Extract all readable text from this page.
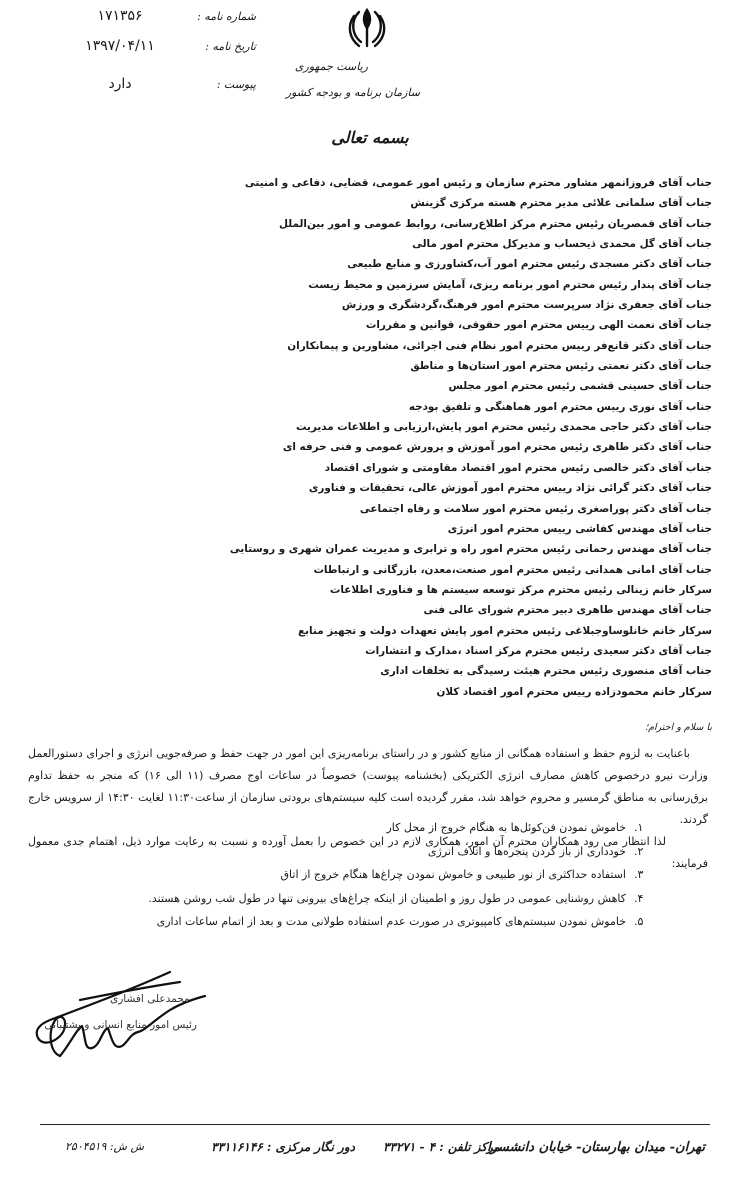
ریاست جمهوری
سازمان برنامه و بودجه کشور
شماره نامه :
۱۷۱۳۵۶
تاریخ نامه :
۱۳۹۷/۰۴/۱۱
پیوست :
دارد
بسمه تعالی
جناب آقای فروزانمهر مشاور محترم سازمان و رئیس امور عمومی، قضایی، دفاعی و امنیتی
جناب آقای سلمانی علائی مدیر محترم هسته مرکزی گزینش
جناب آقای قمصریان رئیس محترم مرکز اطلاع‌رسانی، روابط عمومی و امور بین‌الملل
جناب آقای گل محمدی ذیحساب و مدیرکل محترم امور مالی
جناب آقای دکتر مسجدی رئیس محترم امور آب،کشاورزی و منابع طبیعی
جناب آقای پندار رئیس محترم امور برنامه ریزی، آمایش سرزمین و محیط زیست
جناب آقای جعفری نژاد سرپرست محترم امور فرهنگ،گردشگری و ورزش
جناب آقای نعمت الهی رییس محترم امور حقوقی، قوانین و مقررات
جناب آقای دکتر قانع‌فر رییس محترم امور نظام فنی اجرائی، مشاورین و پیمانکاران
جناب آقای دکتر نعمتی رئیس محترم امور استان‌ها و مناطق
جناب آقای حسینی قشمی رئیس محترم امور مجلس
جناب آقای نوری رییس محترم امور هماهنگی و تلفیق بودجه
جناب آقای دکتر حاجی محمدی رئیس محترم امور پایش،ارزیابی و اطلاعات مدیریت
جناب آقای دکتر طاهری رئیس محترم امور آموزش و پرورش عمومی و فنی حرفه ای
جناب آقای دکتر خالصی رئیس محترم امور اقتصاد مقاومتی و شورای اقتصاد
جناب آقای دکتر گرائی نژاد رییس محترم امور آموزش عالی، تحقیقات و فناوری
جناب آقای دکتر پوراصغری رئیس محترم امور سلامت و رفاه اجتماعی
جناب آقای مهندس کفاشی رییس محترم امور انرژی
جناب آقای مهندس رحمانی رئیس محترم امور راه و ترابری و مدیریت عمران شهری و روستایی
جناب آقای امانی همدانی رئیس محترم امور صنعت،معدن، بازرگانی و ارتباطات
سرکار خانم زینالی رئیس محترم مرکز توسعه سیستم ها و فناوری اطلاعات
جناب آقای مهندس طاهری دبیر محترم شورای عالی فنی
سرکار خانم خانلوساوجبلاغی رئیس محترم امور پایش تعهدات دولت و تجهیز منابع
جناب آقای دکتر سعیدی رئیس محترم مرکز اسناد ،مدارک و انتشارات
جناب آقای منصوری رئیس محترم هیئت رسیدگی به تخلفات اداری
سرکار خانم محمودزاده رییس محترم امور اقتصاد کلان
با سلام و احترام؛

باعنایت به لزوم حفظ و استفاده همگانی از منابع کشور و در راستای برنامه‌ریزی این امور در جهت حفظ و صرفه‌جویی انرژی و اجرای دستورالعمل وزارت نیرو درخصوص کاهش مصارف انرژی الکتریکی (بخشنامه پیوست) خصوصاً در ساعات اوج مصرف (۱۱ الی ۱۶) که منجر به حفظ تداوم برق‌رسانی به مناطق گرمسیر و محروم خواهد شد، مقرر گردیده است کلیه سیستم‌های برودتی سازمان از ساعت۱۱:۳۰ لغایت ۱۴:۳۰ از سرویس خارج گردند.

لذا انتظار می رود همکاران محترم آن امور، همکاری لازم در این خصوص را بعمل آورده و نسبت به رعایت موارد ذیل، اهتمام جدی معمول فرمایند:

۱.
خاموش نمودن فن‌کوئل‌ها به هنگام خروج از محل کار
۲.
خودداری از باز کردن پنجره‌ها و اتلاف انرژی
۳.
استفاده حداکثری از نور طبیعی و خاموش نمودن چراغ‌ها هنگام خروج از اتاق
۴.
کاهش روشنایی عمومی در طول روز و اطمینان از اینکه چراغ‌های بیرونی تنها در طول شب روشن هستند.
۵.
خاموش نمودن سیستم‌های کامپیوتری در صورت عدم استفاده طولانی مدت و بعد از اتمام ساعات اداری
محمدعلی افشاری
رئیس امور منابع انسانی و پشتیبانی
تهران- میدان بهارستان- خیابان دانشسرا
مرکز تلفن : ۴ - ۳۳۲۷۱
دور نگار مرکزی : ۳۳۱۱۶۱۴۶
ش ش: ۲۵۰۴۵۱۹
